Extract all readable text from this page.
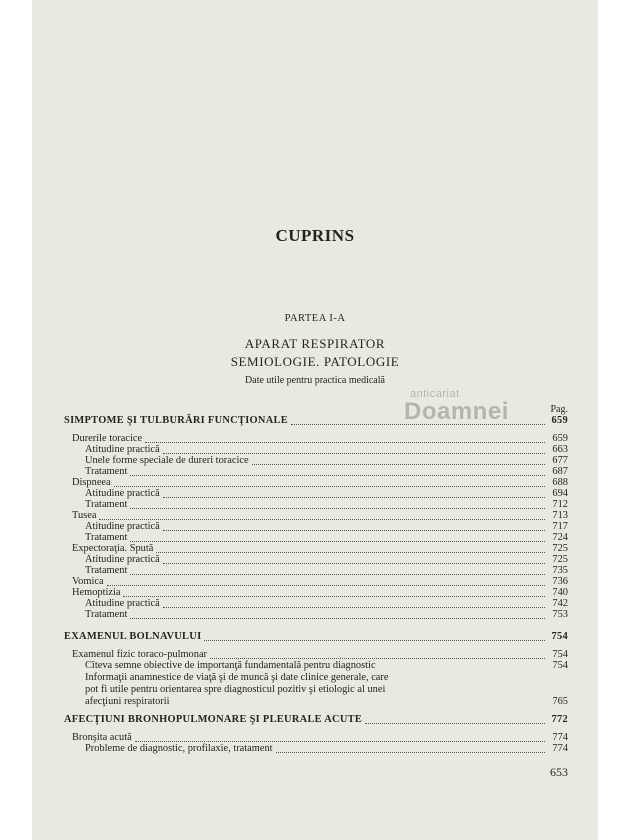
CUPRINS
PARTEA I-A
APARAT RESPIRATOR
SEMIOLOGIE. PATOLOGIE
Date utile pentru practica medicală
anticariat
Doamnei	Pag.
SIMPTOME ŞI TULBURĂRI FUNCŢIONALE	659
Durerile toracice	659
Atitudine practică	663
Unele forme speciale de dureri toracice	677
Tratament	687
Dispneea	688
Atitudine practică	694
Tratament	712
Tusea	713
Atitudine practică	717
Tratament	724
Expectoraţia. Spută	725
Atitudine practică	725
Tratament	735
Vomica	736
Hemoptizia	740
Atitudine practică	742
Tratament	753
EXAMENUL BOLNAVULUI	754
Examenul fizic toraco-pulmonar	754
Cîteva semne obiective de importanţă fundamentală pentru diagnostic	754
Informaţii anamnestice de viaţă şi de muncă şi date clinice generale, care
pot fi utile pentru orientarea spre diagnosticul pozitiv şi etiologic al unei
afecţiuni respiratorii	765
AFECŢIUNI BRONHOPULMONARE ŞI PLEURALE ACUTE	772
Bronşita acută	774
Probleme de diagnostic, profilaxie, tratament	774
653
